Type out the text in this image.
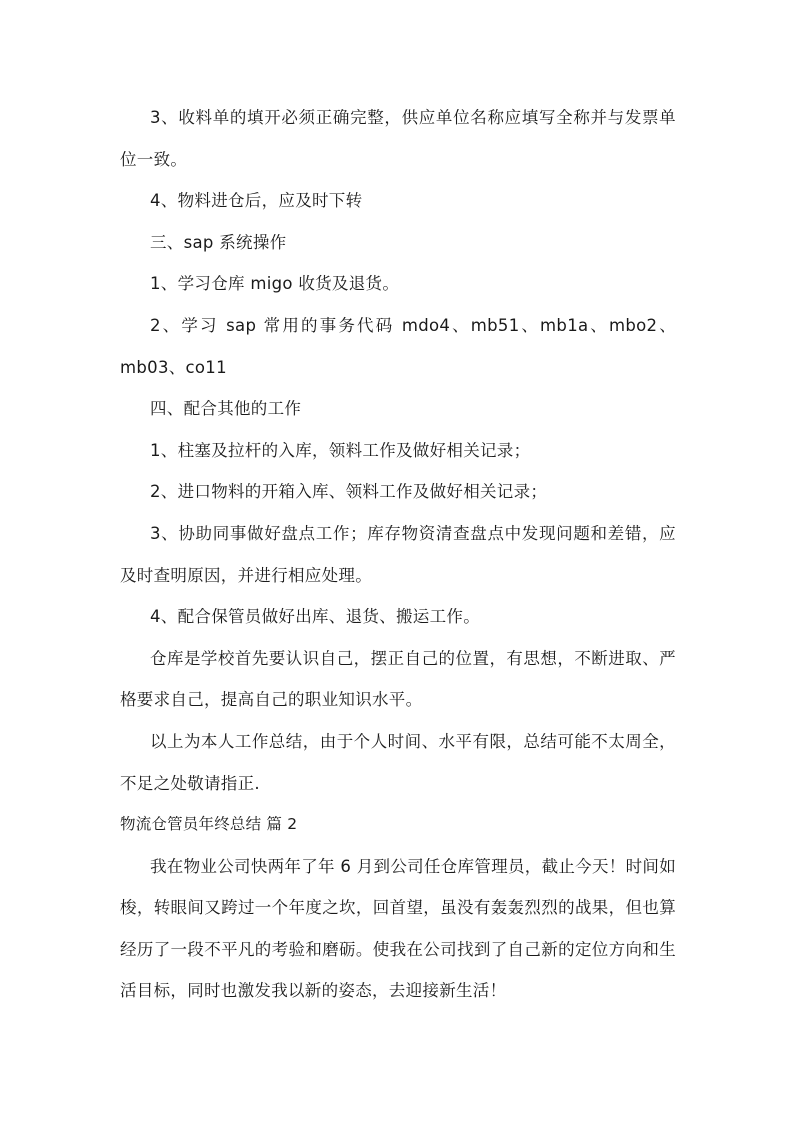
3、收料单的填开必须正确完整，供应单位名称应填写全称并与发票单位一致。

4、物料进仓后，应及时下转

三、sap 系统操作

1、学习仓库 migo 收货及退货。

2、学习 sap 常用的事务代码 mdo4、mb51、mb1a、mbo2、mb03、co11

四、配合其他的工作

1、柱塞及拉杆的入库，领料工作及做好相关记录；

2、进口物料的开箱入库、领料工作及做好相关记录；

3、协助同事做好盘点工作；库存物资清查盘点中发现问题和差错，应及时查明原因，并进行相应处理。

4、配合保管员做好出库、退货、搬运工作。

仓库是学校首先要认识自己，摆正自己的位置，有思想，不断进取、严格要求自己，提高自己的职业知识水平。

以上为本人工作总结，由于个人时间、水平有限，总结可能不太周全，不足之处敬请指正.

物流仓管员年终总结 篇 2

我在物业公司快两年了年 6 月到公司任仓库管理员，截止今天！时间如梭，转眼间又跨过一个年度之坎，回首望，虽没有轰轰烈烈的战果，但也算经历了一段不平凡的考验和磨砺。使我在公司找到了自己新的定位方向和生活目标，同时也激发我以新的姿态，去迎接新生活！
